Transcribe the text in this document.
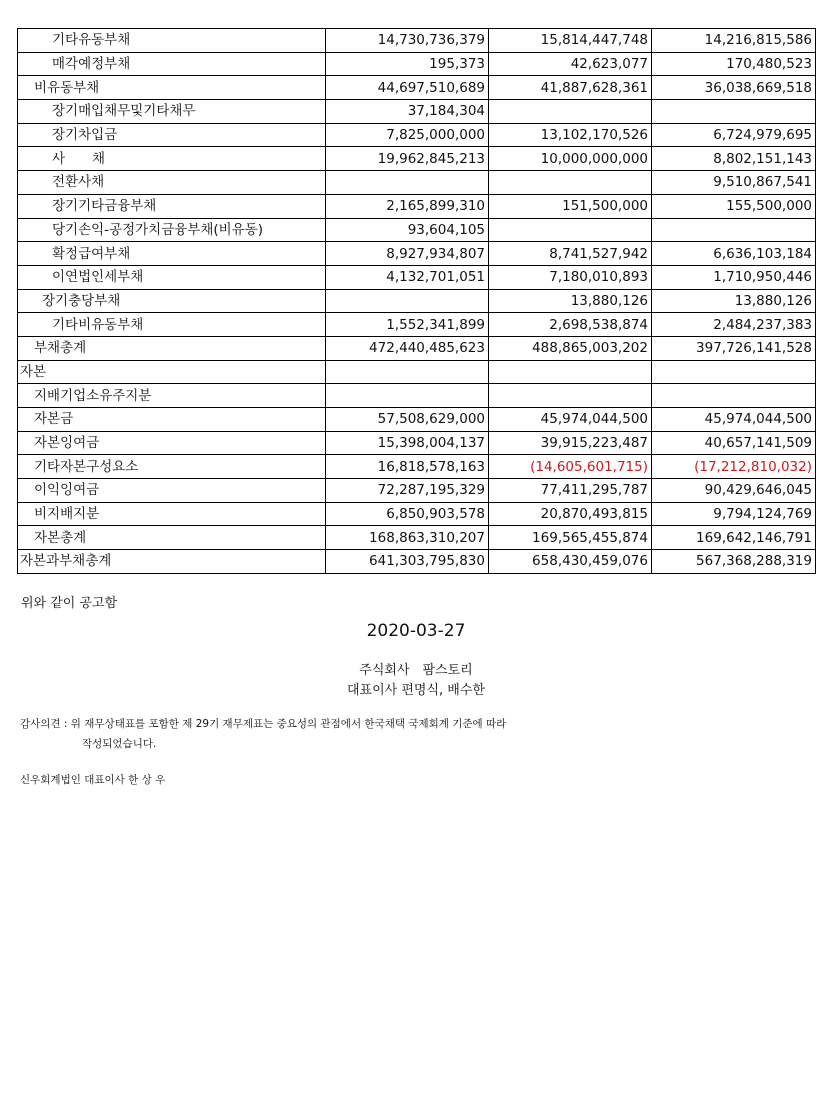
기타유동부채	14,730,736,379	15,814,447,748	14,216,815,586
매각예정부채	195,373	42,623,077	170,480,523
비유동부채	44,697,510,689	41,887,628,361	36,038,669,518
장기매입채무및기타채무	37,184,304		
장기차입금	7,825,000,000	13,102,170,526	6,724,979,695
사　　채	19,962,845,213	10,000,000,000	8,802,151,143
전환사채			9,510,867,541
장기기타금융부채	2,165,899,310	151,500,000	155,500,000
당기손익-공정가치금융부채(비유동)	93,604,105		
확정급여부채	8,927,934,807	8,741,527,942	6,636,103,184
이연법인세부채	4,132,701,051	7,180,010,893	1,710,950,446
장기충당부채		13,880,126	13,880,126
기타비유동부채	1,552,341,899	2,698,538,874	2,484,237,383
부채총계	472,440,485,623	488,865,003,202	397,726,141,528
자본			
지배기업소유주지분			
자본금	57,508,629,000	45,974,044,500	45,974,044,500
자본잉여금	15,398,004,137	39,915,223,487	40,657,141,509
기타자본구성요소	16,818,578,163	(14,605,601,715)	(17,212,810,032)
이익잉여금	72,287,195,329	77,411,295,787	90,429,646,045
비지배지분	6,850,903,578	20,870,493,815	9,794,124,769
자본총계	168,863,310,207	169,565,455,874	169,642,146,791
자본과부채총계	641,303,795,830	658,430,459,076	567,368,288,319
위와 같이 공고함
2020-03-27
주식회사　팜스토리
대표이사 편명식, 배수한
감사의견 : 위 재무상태표를 포함한 제 29기 재무제표는 중요성의 관점에서 한국채택 국제회계 기준에 따라
작성되었습니다.
신우회계법인 대표이사 한 상 우
